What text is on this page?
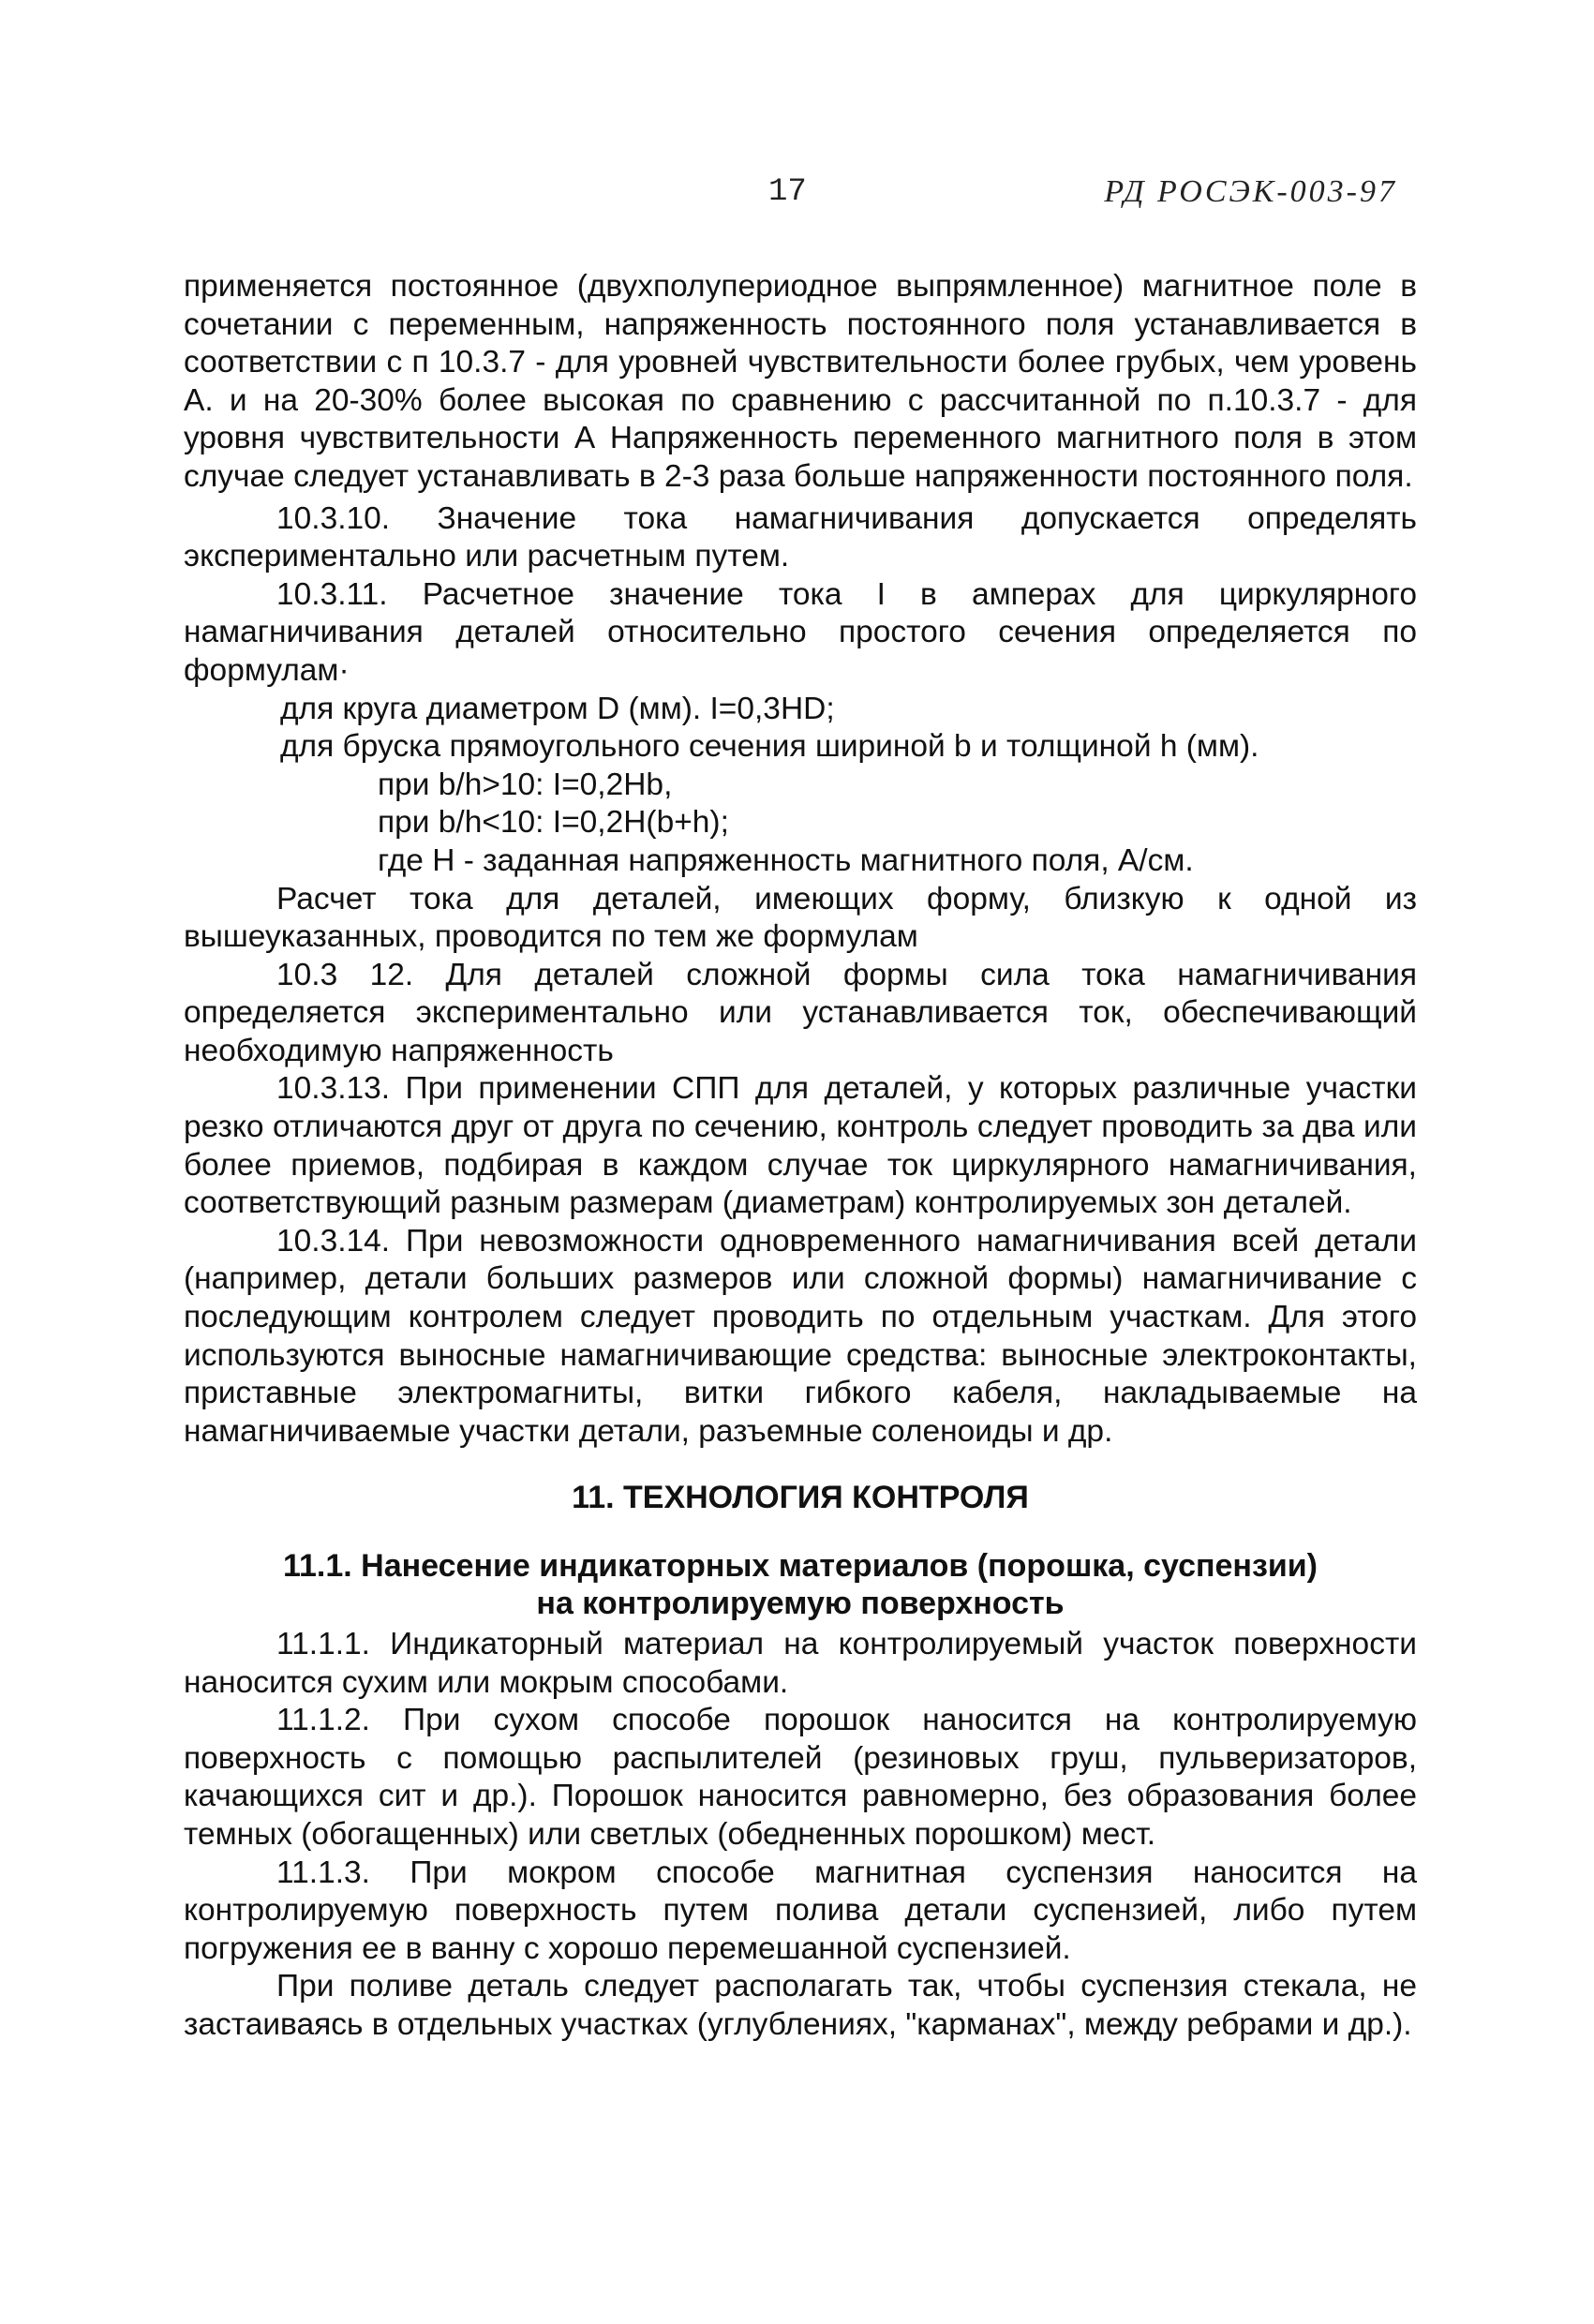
17	РД РОСЭК-003-97

применяется постоянное (двухполупериодное выпрямленное) магнитное поле в сочетании с переменным, напряженность постоянного поля устанавливается в соответствии с п 10.3.7 - для уровней чувствительности более грубых, чем уровень А. и на 20-30% более высокая по сравнению с рассчитанной по п.10.3.7 - для уровня чувствительности А Напряженность переменного магнитного поля в этом случае следует устанавливать в 2-3 раза больше напряженности постоянного поля.

10.3.10. Значение тока намагничивания допускается определять экспериментально или расчетным путем.

10.3.11. Расчетное значение тока I в амперах для циркулярного намагничивания деталей относительно простого сечения определяется по формулам·

для круга диаметром D (мм). I=0,3HD;

для бруска прямоугольного сечения шириной b и толщиной h (мм).

при b/h>10: I=0,2Hb,

при b/h<10: I=0,2H(b+h);

где H - заданная напряженность магнитного поля, А/см.

Расчет тока для деталей, имеющих форму, близкую к одной из вышеуказанных, проводится по тем же формулам

10.3 12. Для деталей сложной формы сила тока намагничивания определяется экспериментально или устанавливается ток, обеспечивающий необходимую напряженность

10.3.13. При применении СПП для деталей, у которых различные участки резко отличаются друг от друга по сечению, контроль следует проводить за два или более приемов, подбирая в каждом случае ток циркулярного намагничивания, соответствующий разным размерам (диаметрам) контролируемых зон деталей.

10.3.14. При невозможности одновременного намагничивания всей детали (например, детали больших размеров или сложной формы) намагничивание с последующим контролем следует проводить по отдельным участкам. Для этого используются выносные намагничивающие средства: выносные электроконтакты, приставные электромагниты, витки гибкого кабеля, накладываемые на намагничиваемые участки детали, разъемные соленоиды и др.

11. ТЕХНОЛОГИЯ КОНТРОЛЯ

11.1. Нанесение индикаторных материалов (порошка, суспензии)
на контролируемую поверхность

11.1.1. Индикаторный материал на контролируемый участок поверхности наносится сухим или мокрым способами.

11.1.2. При сухом способе порошок наносится на контролируемую поверхность с помощью распылителей (резиновых груш, пульверизаторов, качающихся сит и др.). Порошок наносится равномерно, без образования более темных (обогащенных) или светлых (обедненных порошком) мест.

11.1.3. При мокром способе магнитная суспензия наносится на контролируемую поверхность путем полива детали суспензией, либо путем погружения ее в ванну с хорошо перемешанной суспензией.

При поливе деталь следует располагать так, чтобы суспензия стекала, не застаиваясь в отдельных участках (углублениях, "карманах", между ребрами и др.).
